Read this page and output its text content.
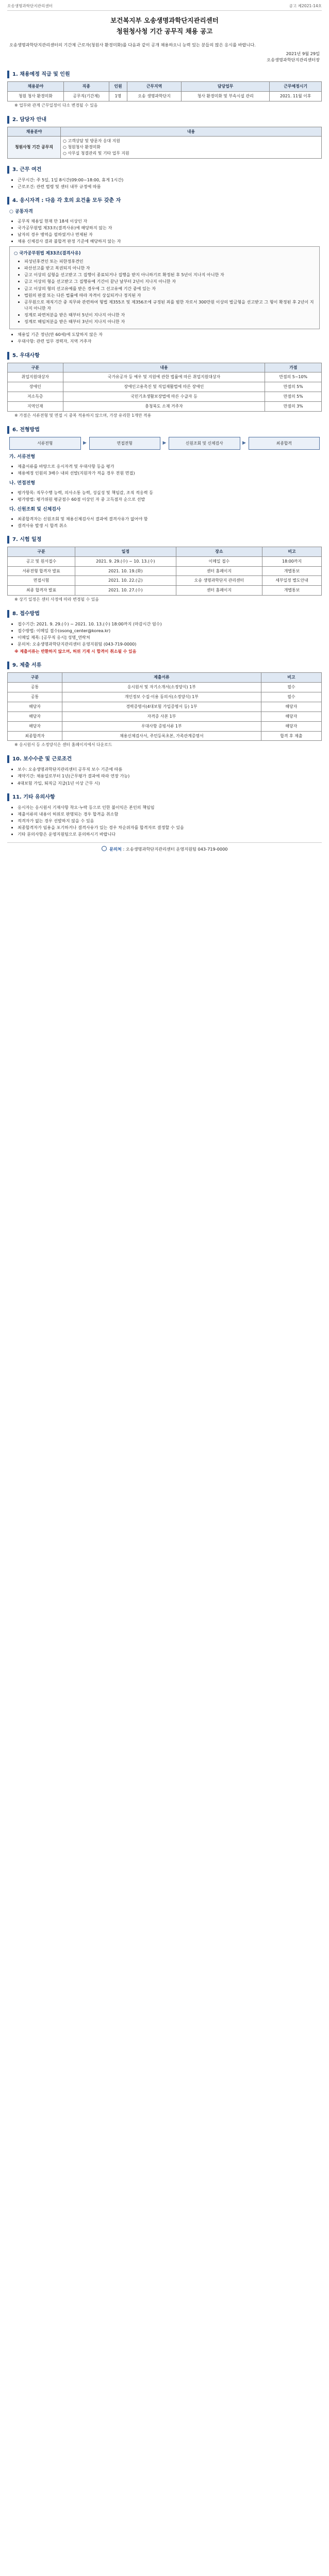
오송생명과학단지관리센터	공고 제2021-14호
보건복지부 오송생명과학단지관리센터
청원청사청 기간 공무직 채용 공고
오송생명과학단지관리센터의 기간제 근로자(청원사 환경미화)를 다음과 같이 공개 채용하오니 능력 있는 분들의 많은 응시를 바랍니다.
2021년 9월 29일
오송생명과학단지관리센터장
1. 채용예정 직급 및 인원
채용분야	직종	인원	근무지역	담당업무	근무예정시기
청원 청사 환경미화	공무직(기간제)	1명	오송 생명과학단지	청사 환경미화 및 부속시설 관리	2021. 11월 이후
※ 업무와 관계 근무일정이 다소 변경될 수 있음
2. 담당자 안내
채용분야	내용
청원사청 기간 공무직	○ 고객상담 및 방문자 응대 지원
○ 청원청사 환경미화
○ 사무실 청결관리 및 기타 업무 지원
3. 근무 여건
• 근무시간: 주 5일, 1일 8시간(09:00~18:00, 휴게 1시간)
• 근로조건: 관련 법령 및 센터 내부 규정에 따름
4. 응시자격 : 다음 각 호의 요건을 모두 갖춘 자
○ 공통자격
• 공무직 채용일 현재 만 18세 이상인 자
• 국가공무원법 제33조(결격사유)에 해당하지 않는 자
• 남자의 경우 병역을 필하였거나 면제된 자
• 채용 신체검사 결과 불합격 판정 기준에 해당하지 않는 자
○ 국가공무원법 제33조(결격사유)
• 피성년후견인 또는 피한정후견인
• 파산선고를 받고 복권되지 아니한 자
• 금고 이상의 실형을 선고받고 그 집행이 종료되거나 집행을 받지 아니하기로 확정된 후 5년이 지나지 아니한 자
• 금고 이상의 형을 선고받고 그 집행유예 기간이 끝난 날부터 2년이 지나지 아니한 자
• 금고 이상의 형의 선고유예를 받은 경우에 그 선고유예 기간 중에 있는 자
• 법원의 판결 또는 다른 법률에 따라 자격이 상실되거나 정지된 자
• 공무원으로 재직기간 중 직무와 관련하여 형법 제355조 및 제356조에 규정된 죄를 범한 자로서 300만원 이상의 벌금형을 선고받고 그 형이 확정된 후 2년이 지나지 아니한 자
• 징계로 파면처분을 받은 때부터 5년이 지나지 아니한 자
• 징계로 해임처분을 받은 때부터 3년이 지나지 아니한 자
• 채용일 기준 정년(만 60세)에 도달하지 않은 자
• 우대사항: 관련 업무 경력자, 지역 거주자
5. 우대사항
구분	내용	가점
취업지원대상자	국가유공자 등 예우 및 지원에 관한 법률에 따른 취업지원대상자	만점의 5~10%
장애인	장애인고용촉진 및 직업재활법에 따른 장애인	만점의 5%
저소득층	국민기초생활보장법에 따른 수급자 등	만점의 5%
지역인재	충청북도 소재 거주자	만점의 3%
※ 가점은 서류전형 및 면접 시 중복 적용하지 않으며, 가장 유리한 1개만 적용
6. 전형방법
서류전형	▶	면접전형	▶	신원조회 및 신체검사	▶	최종합격
가. 서류전형
• 제출서류를 바탕으로 응시자격 및 우대사항 등을 평가
• 채용예정 인원의 3배수 내외 선발(지원자가 적을 경우 전원 면접)
나. 면접전형
• 평가항목: 직무수행 능력, 의사소통 능력, 성실성 및 책임감, 조직 적응력 등
• 평가방법: 평가위원 평균점수 60점 이상인 자 중 고득점자 순으로 선발
다. 신원조회 및 신체검사
• 최종합격자는 신원조회 및 채용신체검사서 결과에 결격사유가 없어야 함
• 결격사유 발생 시 합격 취소
7. 시험 일정
구분	일정	장소	비고
공고 및 원서접수	2021. 9. 29.(수) ~ 10. 13.(수)	이메일 접수	18:00까지
서류전형 합격자 발표	2021. 10. 19.(화)	센터 홈페이지	개별통보
면접시험	2021. 10. 22.(금)	오송 생명과학단지 관리센터	세부일정 별도안내
최종 합격자 발표	2021. 10. 27.(수)	센터 홈페이지	개별통보
※ 상기 일정은 센터 사정에 따라 변경될 수 있음
8. 접수방법
• 접수기간: 2021. 9. 29.(수) ~ 2021. 10. 13.(수) 18:00까지 (마감시간 엄수)
• 접수방법: 이메일 접수(osong_center@korea.kr)
• 이메일 제목: [공무직 응시] 성명_연락처
• 문의처: 오송생명과학단지관리센터 운영지원팀 (043-719-0000)
※ 제출서류는 반환하지 않으며, 허위 기재 시 합격이 취소될 수 있음
9. 제출 서류
구분	제출서류	비고
공통	응시원서 및 자기소개서(소정양식) 1부	필수
공통	개인정보 수집·이용 동의서(소정양식) 1부	필수
해당자	경력증명서(4대보험 가입증명서 등) 1부	해당자
해당자	자격증 사본 1부	해당자
해당자	우대사항 증빙서류 1부	해당자
최종합격자	채용신체검사서, 주민등록초본, 가족관계증명서	합격 후 제출
※ 응시원서 등 소정양식은 센터 홈페이지에서 다운로드
10. 보수수준 및 근로조건
• 보수: 오송생명과학단지관리센터 공무직 보수 기준에 따름
• 계약기간: 채용일로부터 1년(근무평가 결과에 따라 연장 가능)
• 4대보험 가입, 퇴직금 지급(1년 이상 근무 시)
11. 기타 유의사항
• 응시자는 응시원서 기재사항 착오·누락 등으로 인한 불이익은 본인의 책임임
• 제출서류의 내용이 허위로 판명되는 경우 합격을 취소함
• 적격자가 없는 경우 선발하지 않을 수 있음
• 최종합격자가 임용을 포기하거나 결격사유가 있는 경우 차순위자를 합격자로 결정할 수 있음
• 기타 문의사항은 운영지원팀으로 문의하시기 바랍니다
문의처 : 오송생명과학단지관리센터 운영지원팀 043-719-0000
